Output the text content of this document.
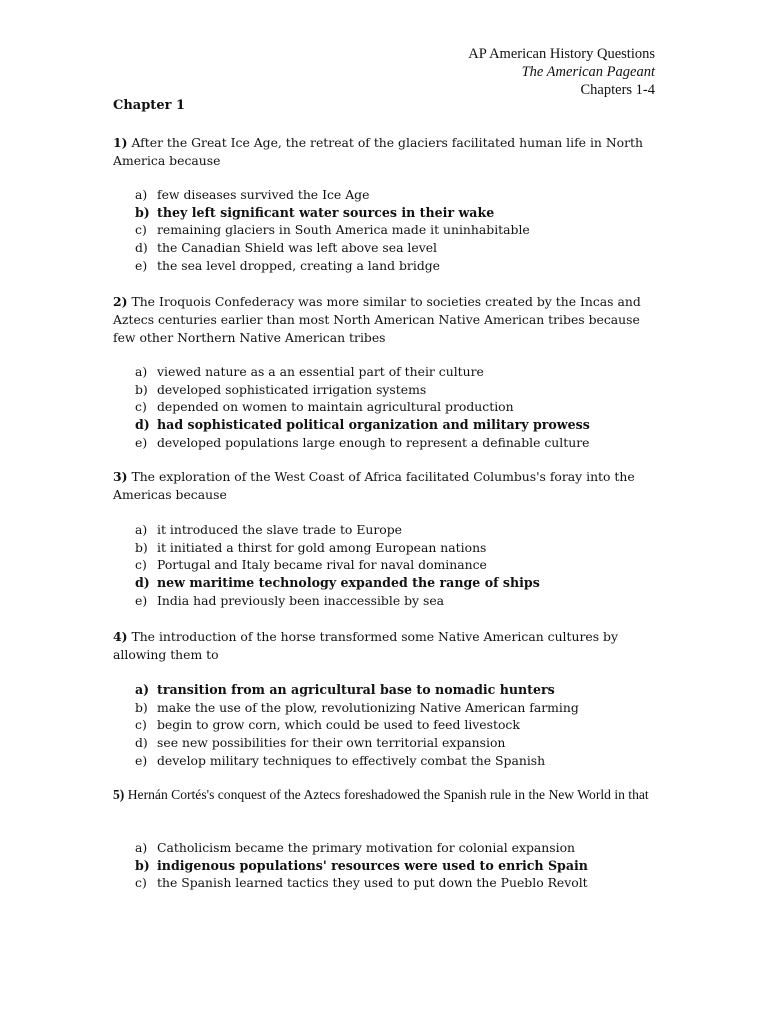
AP American History Questions
The American Pageant
Chapters 1-4
Chapter 1
1) After the Great Ice Age, the retreat of the glaciers facilitated human life in North America because
a) few diseases survived the Ice Age
b) they left significant water sources in their wake
c) remaining glaciers in South America made it uninhabitable
d) the Canadian Shield was left above sea level
e) the sea level dropped, creating a land bridge
2) The Iroquois Confederacy was more similar to societies created by the Incas and Aztecs centuries earlier than most North American Native American tribes because few other Northern Native American tribes
a) viewed nature as a an essential part of their culture
b) developed sophisticated irrigation systems
c) depended on women to maintain agricultural production
d) had sophisticated political organization and military prowess
e) developed populations large enough to represent a definable culture
3) The exploration of the West Coast of Africa facilitated Columbus's foray into the Americas because
a) it introduced the slave trade to Europe
b) it initiated a thirst for gold among European nations
c) Portugal and Italy became rival for naval dominance
d) new maritime technology expanded the range of ships
e) India had previously been inaccessible by sea
4) The introduction of the horse transformed some Native American cultures by allowing them to
a) transition from an agricultural base to nomadic hunters
b) make the use of the plow, revolutionizing Native American farming
c) begin to grow corn, which could be used to feed livestock
d) see new possibilities for their own territorial expansion
e) develop military techniques to effectively combat the Spanish
5) Hernán Cortés's conquest of the Aztecs foreshadowed the Spanish rule in the New World in that
a) Catholicism became the primary motivation for colonial expansion
b) indigenous populations' resources were used to enrich Spain
c) the Spanish learned tactics they used to put down the Pueblo Revolt
